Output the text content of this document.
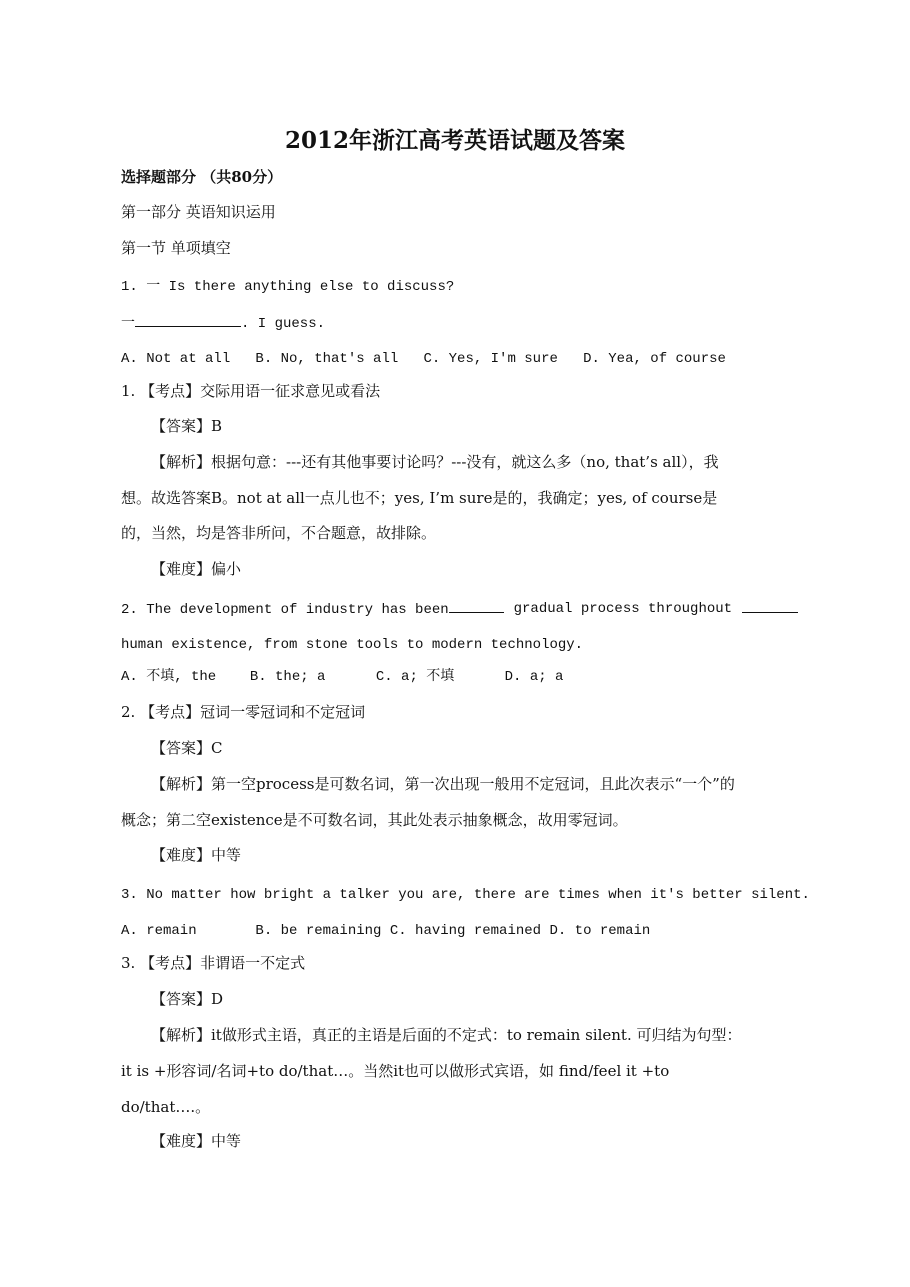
2012年浙江高考英语试题及答案
选择题部分 （共80分）
第一部分 英语知识运用
第一节 单项填空
1. 一 Is there anything else to discuss?
一	. I guess.
A. Not at all   B. No, that's all   C. Yes, I'm sure   D. Yea, of course
1. 【考点】交际用语一征求意见或看法
【答案】B
【解析】根据句意：---还有其他事要讨论吗？---没有，就这么多（no, that’s all），我
想。故选答案B。not at all一点儿也不；yes, I’m sure是的，我确定；yes, of course是
的，当然，均是答非所问，不合题意，故排除。
【难度】偏小
2. The development of industry has been	gradual process throughout
human existence, from stone tools to modern technology.
A. 不填, the    B. the; a      C. a; 不填      D. a; a
2. 【考点】冠词一零冠词和不定冠词
【答案】C
【解析】第一空process是可数名词，第一次出现一般用不定冠词，且此次表示“一个”的
概念；第二空existence是不可数名词，其此处表示抽象概念，故用零冠词。
【难度】中等
3. No matter how bright a talker you are, there are times when it's better silent.
A. remain       B. be remaining C. having remained D. to remain
3. 【考点】非谓语一不定式
【答案】D
【解析】it做形式主语，真正的主语是后面的不定式：to remain silent. 可归结为句型：
it is +形容词/名词+to do/that…。当然it也可以做形式宾语，如 find/feel it +to
do/that….。
【难度】中等
